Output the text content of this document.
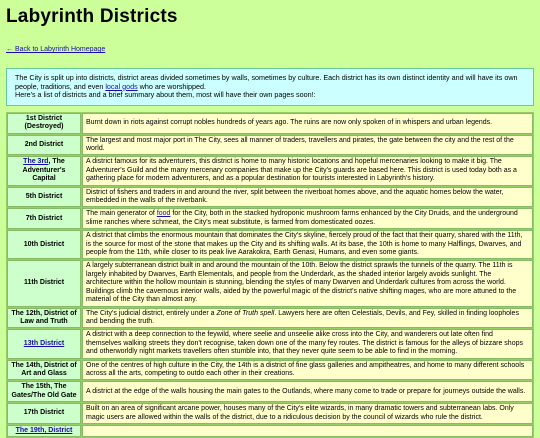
Labyrinth Districts
← Back to Labyrinth Homepage
The City is split up into districts, district areas divided sometimes by walls, sometimes by culture. Each district has its own distinct identity and will have its own people, traditions, and even local gods who are worshipped.
Here's a list of districts and a brief summary about them, most will have their own pages soon!:
1st District (Destroyed)	Burnt down in riots against corrupt nobles hundreds of years ago. The ruins are now only spoken of in whispers and urban legends.
2nd District	The largest and most major port in The City, sees all manner of traders, travellers and pirates, the gate between the city and the rest of the world.
The 3rd, The Adventurer's Capital	A district famous for its adventurers, this district is home to many historic locations and hopeful mercenaries looking to make it big. The Adventurer's Guild and the many mercenary companies that make up the City's guards are based here. This district is used today both as a gathering place for modern adventurers, and as a popular destination for tourists interested in Labyrinth's history.
5th District	District of fishers and traders in and around the river, split between the riverboat homes above, and the aquatic homes below the water, embedded in the walls of the riverbank.
7th District	The main generator of food for the City, both in the stacked hydroponic mushroom farms enhanced by the City Druids, and the underground slime ranches where schmeat, the City's meat substitute, is farmed from domesticated oozes.
10th District	A district that climbs the enormous mountain that dominates the City's skyline, fiercely proud of the fact that their quarry, shared with the 11th, is the source for most of the stone that makes up the City and its shifting walls. At its base, the 10th is home to many Halflings, Dwarves, and people from the 11th, while closer to its peak live Aarakokra, Earth Genasi, Humans, and even some giants.
11th District	A largely subterranean district built in and around the mountain of the 10th. Below the district sprawls the tunnels of the quarry. The 11th is largely inhabited by Dwarves, Earth Elementals, and people from the Underdark, as the shaded interior largely avoids sunlight. The architecture within the hollow mountain is stunning, blending the styles of many Dwarven and Underdark cultures from across the world. Buildings climb the cavernous interior walls, aided by the powerful magic of the district's native shifting mages, who are more attuned to the material of the City than almost any.
The 12th, District of Law and Truth	The City's judicial district, entirely under a Zone of Truth spell. Lawyers here are often Celestials, Devils, and Fey, skilled in finding loopholes and bending the truth.
13th District	A district with a deep connection to the feywild, where seelie and unseelie alike cross into the City, and wanderers out late often find themselves walking streets they don't recognise, taken down one of the many fey routes. The district is famous for the alleys of bizzare shops and otherworldly night markets travellers often stumble into, that they never quite seem to be able to find in the morning.
The 14th, District of Art and Glass	One of the centres of high culture in the City, the 14th is a district of fine glass galleries and ampitheatres, and home to many different schools across all the arts, competing to outdo each other in their creations.
The 15th, The Gates/The Old Gate	A district at the edge of the walls housing the main gates to the Outlands, where many come to trade or prepare for journeys outside the walls.
17th District	Built on an area of significant arcane power, houses many of the City's elite wizards, in many dramatic towers and subterranean labs. Only magic users are allowed within the walls of the district, due to a ridiculous decision by the council of wizards who rule the district.
The 19th, District	
